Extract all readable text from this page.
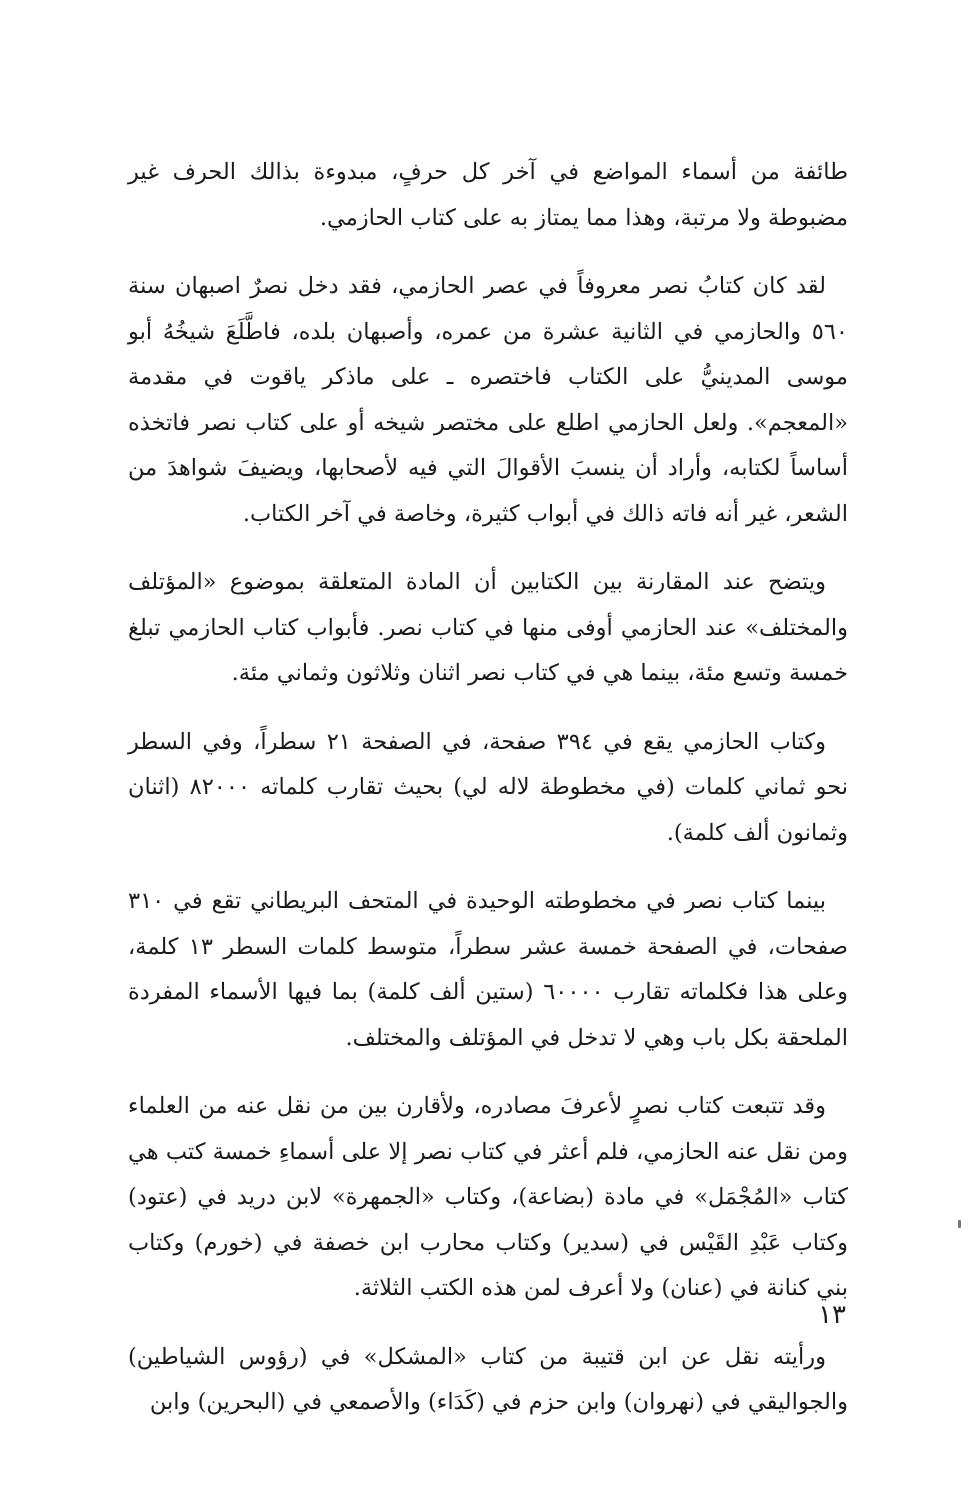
طائفة من أسماء المواضع في آخر كل حرفٍ، مبدوءة بذالك الحرف غير مضبوطة ولا مرتبة، وهذا مما يمتاز به على كتاب الحازمي.

لقد كان كتابُ نصر معروفاً في عصر الحازمي، فقد دخل نصرٌ اصبهان سنة ٥٦٠ والحازمي في الثانية عشرة من عمره، وأصبهان بلده، فاطَّلَعَ شيخُهُ أبو موسى المدينيُّ على الكتاب فاختصره ـ على ماذكر ياقوت في مقدمة «المعجم». ولعل الحازمي اطلع على مختصر شيخه أو على كتاب نصر فاتخذه أساساً لكتابه، وأراد أن ينسبَ الأقوالَ التي فيه لأصحابها، ويضيفَ شواهدَ من الشعر، غير أنه فاته ذالك في أبواب كثيرة، وخاصة في آخر الكتاب.

ويتضح عند المقارنة بين الكتابين أن المادة المتعلقة بموضوع «المؤتلف والمختلف» عند الحازمي أوفى منها في كتاب نصر. فأبواب كتاب الحازمي تبلغ خمسة وتسع مئة، بينما هي في كتاب نصر اثنان وثلاثون وثماني مئة.

وكتاب الحازمي يقع في ٣٩٤ صفحة، في الصفحة ٢١ سطراً، وفي السطر نحو ثماني كلمات (في مخطوطة لاله لي) بحيث تقارب كلماته ٨٢٠٠٠ (اثنان وثمانون ألف كلمة).

بينما كتاب نصر في مخطوطته الوحيدة في المتحف البريطاني تقع في ٣١٠ صفحات، في الصفحة خمسة عشر سطراً، متوسط كلمات السطر ١٣ كلمة، وعلى هذا فكلماته تقارب ٦٠٠٠٠ (ستين ألف كلمة) بما فيها الأسماء المفردة الملحقة بكل باب وهي لا تدخل في المؤتلف والمختلف.

وقد تتبعت كتاب نصرٍ لأعرفَ مصادره، ولأقارن بين من نقل عنه من العلماء ومن نقل عنه الحازمي، فلم أعثر في كتاب نصر إلا على أسماءِ خمسة كتب هي كتاب «المُجْمَل» في مادة (بضاعة)، وكتاب «الجمهرة» لابن دريد في (عتود) وكتاب عَبْدِ القَيْس في (سدير) وكتاب محارب ابن خصفة في (خورم) وكتاب بني كنانة في (عنان) ولا أعرف لمن هذه الكتب الثلاثة.

ورأيته نقل عن ابن قتيبة من كتاب «المشكل» في (رؤوس الشياطين) والجواليقي في (نهروان) وابن حزم في (كَدَاء) والأصمعي في (البحرين) وابن

١٣
